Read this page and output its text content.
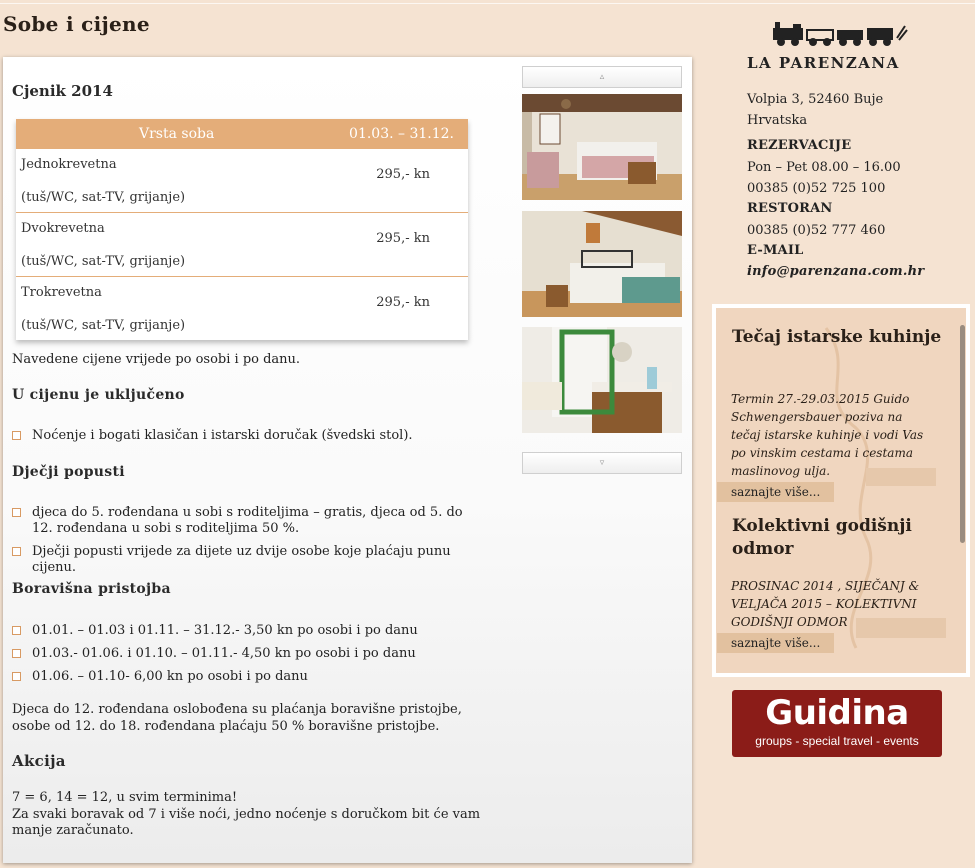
Sobe i cijene
Cjenik 2014
Vrsta soba	01.03. – 31.12.

Jednokrevetna
(tuš/WC, sat-TV, grijanje)	295,- kn

Dvokrevetna
(tuš/WC, sat-TV, grijanje)	295,- kn

Trokrevetna
(tuš/WC, sat-TV, grijanje)	295,- kn
Navedene cijene vrijede po osobi i po danu.
U cijenu je uključeno
Noćenje i bogati klasičan i istarski doručak (švedski stol).
Dječji popusti
djeca do 5. rođendana u sobi s roditeljima – gratis, djeca od 5. do 12. rođendana u sobi s roditeljima 50 %.
Dječji popusti vrijede za dijete uz dvije osobe koje plaćaju punu cijenu.
Boravišna pristojba
01.01. – 01.03 i 01.11. – 31.12.- 3,50 kn po osobi i po danu
01.03.- 01.06. i 01.10. – 01.11.- 4,50 kn po osobi i po danu
01.06. – 01.10- 6,00 kn po osobi i po danu
Djeca do 12. rođendana oslobođena su plaćanja boravišne pristojbe,
osobe od 12. do 18. rođendana plaćaju 50 % boravišne pristojbe.
Akcija
7 = 6, 14 = 12, u svim terminima!
Za svaki boravak od 7 i više noći, jedno noćenje s doručkom bit će vam
manje zaračunato.
▵
▿
LA PARENZANA
Volpia 3, 52460 Buje
Hrvatska
REZERVACIJE
Pon – Pet 08.00 – 16.00
00385 (0)52 725 100
RESTORAN
00385 (0)52 777 460
E-MAIL
info@parenzana.com.hr
Tečaj istarske kuhinje
Termin 27.-29.03.2015 Guido Schwengersbauer poziva na tečaj istarske kuhinje i vodi Vas po vinskim cestama i cestama maslinovog ulja.
saznajte više...
Kolektivni godišnji odmor
PROSINAC 2014 , SIJEČANJ & VELJAČA 2015 – KOLEKTIVNI GODIŠNJI ODMOR
saznajte više...
Guidina
groups - special travel - events
